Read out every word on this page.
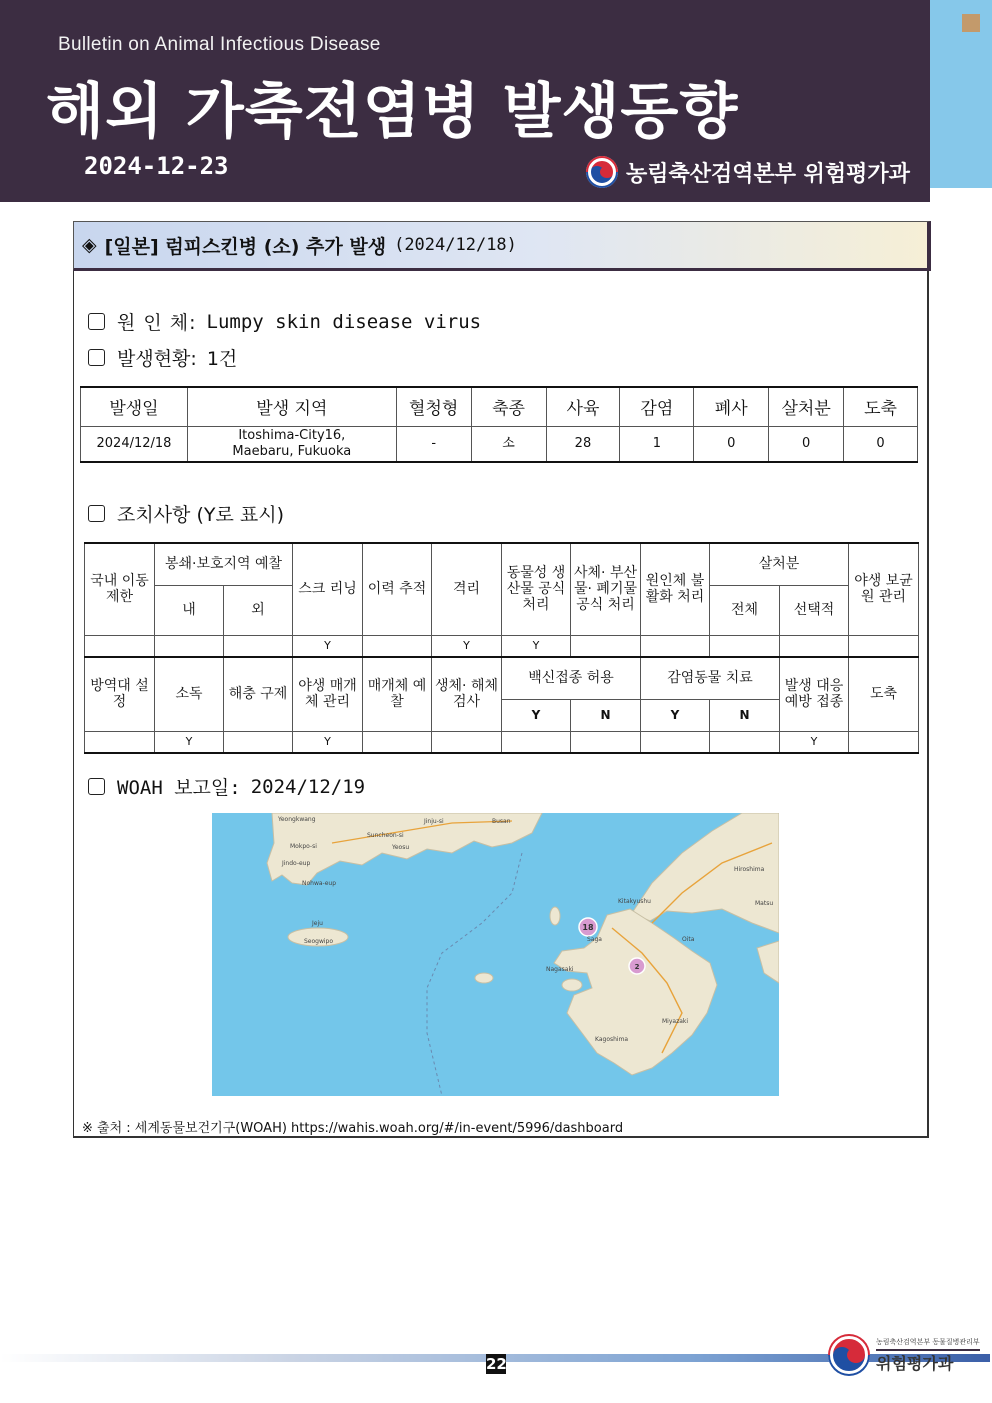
Bulletin on Animal Infectious Disease
해외 가축전염병 발생동향
2024-12-23	농림축산검역본부 위험평가과
◈ [일본] 럼피스킨병 (소) 추가 발생 (2024/12/18)
원 인 체: Lumpy skin disease virus
발생현황: 1건
발생일	발생 지역	혈청형	축종	사육	감염	폐사	살처분	도축
2024/12/18	Itoshima-City16, Maebaru, Fukuoka	-	소	28	1	0	0	0
조치사항 (Y로 표시)
국내 이동 제한	봉쇄·보호지역 예찰		스크 리닝	이력 추적	격리	동물성 생산물 공식 처리	사체· 부산물· 폐기물 공식 처리	원인체 불활화 처리	살처분		야생 보균원 관리
	내	외							전체	선택적	
			Y		Y	Y					
방역대 설정	소독	해충 구제	야생 매개체 관리	매개체 예찰	생체· 해체 검사	백신접종 허용		감염동물 치료		발생 대응 예방 접종	도축
						Y	N	Y	N		
	Y		Y							Y	
WOAH 보고일: 2024/12/19
18
2
Yeongkwang	Jinju-si	Busan
Suncheon-si
Mokpo-si	Yeosu
Jindo-eup
Nohwa-eup
Hiroshima
Kitakyushu	Matsu
Jeju
Seogwipo	Saga	Oita
Nagasaki
Miyazaki
Kagoshima
※ 출처 : 세계동물보건기구(WOAH) https://wahis.woah.org/#/in-event/5996/dashboard
22
농림축산검역본부 동물질병관리부
위험평가과
